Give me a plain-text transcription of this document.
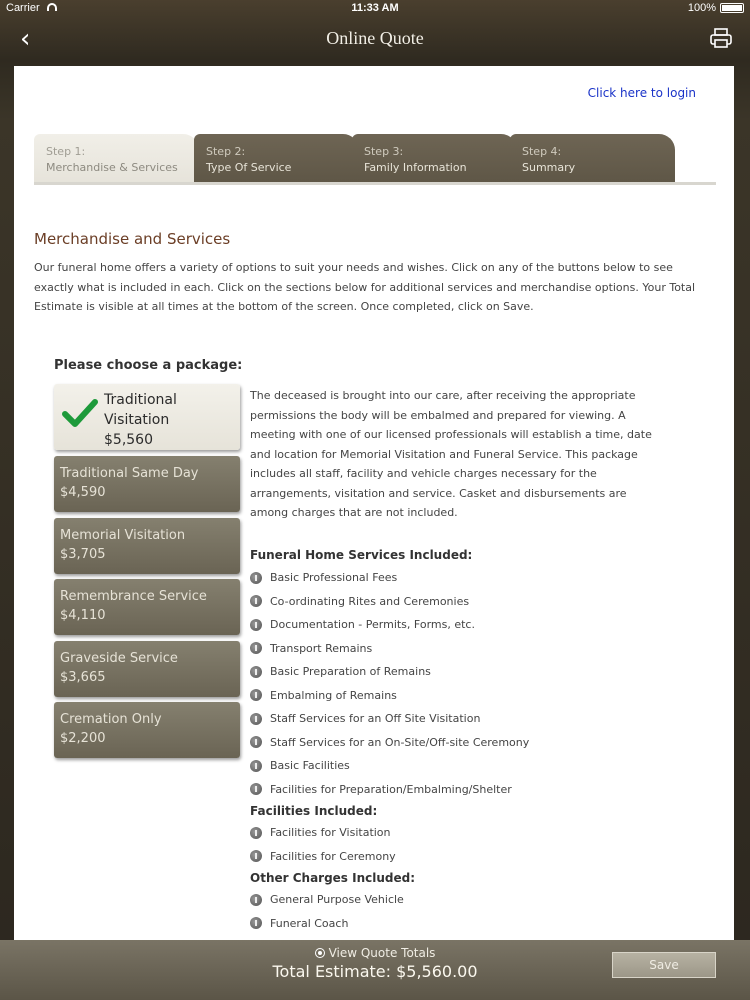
Carrier	11:33 AM	100%
‹	Online Quote
Click here to login
Step 1:
Merchandise & Services
Step 2:
Type Of Service
Step 3:
Family Information
Step 4:
Summary
Merchandise and Services

Our funeral home offers a variety of options to suit your needs and wishes. Click on any of the buttons below to see exactly what is included in each. Click on the sections below for additional services and merchandise options. Your Total Estimate is visible at all times at the bottom of the screen. Once completed, click on Save.

Please choose a package:
Traditional Visitation
$5,560
Traditional Same Day
$4,590
Memorial Visitation
$3,705
Remembrance Service
$4,110
Graveside Service
$3,665
Cremation Only
$2,200

The deceased is brought into our care, after receiving the appropriate permissions the body will be embalmed and prepared for viewing. A meeting with one of our licensed professionals will establish a time, date and location for Memorial Visitation and Funeral Service. This package includes all staff, facility and vehicle charges necessary for the arrangements, visitation and service. Casket and disbursements are among charges that are not included.

Funeral Home Services Included:
Basic Professional Fees
Co-ordinating Rites and Ceremonies
Documentation - Permits, Forms, etc.
Transport Remains
Basic Preparation of Remains
Embalming of Remains
Staff Services for an Off Site Visitation
Staff Services for an On-Site/Off-site Ceremony
Basic Facilities
Facilities for Preparation/Embalming/Shelter
Facilities Included:
Facilities for Visitation
Facilities for Ceremony
Other Charges Included:
General Purpose Vehicle
Funeral Coach
View Quote Totals
Total Estimate: $5,560.00	Save
